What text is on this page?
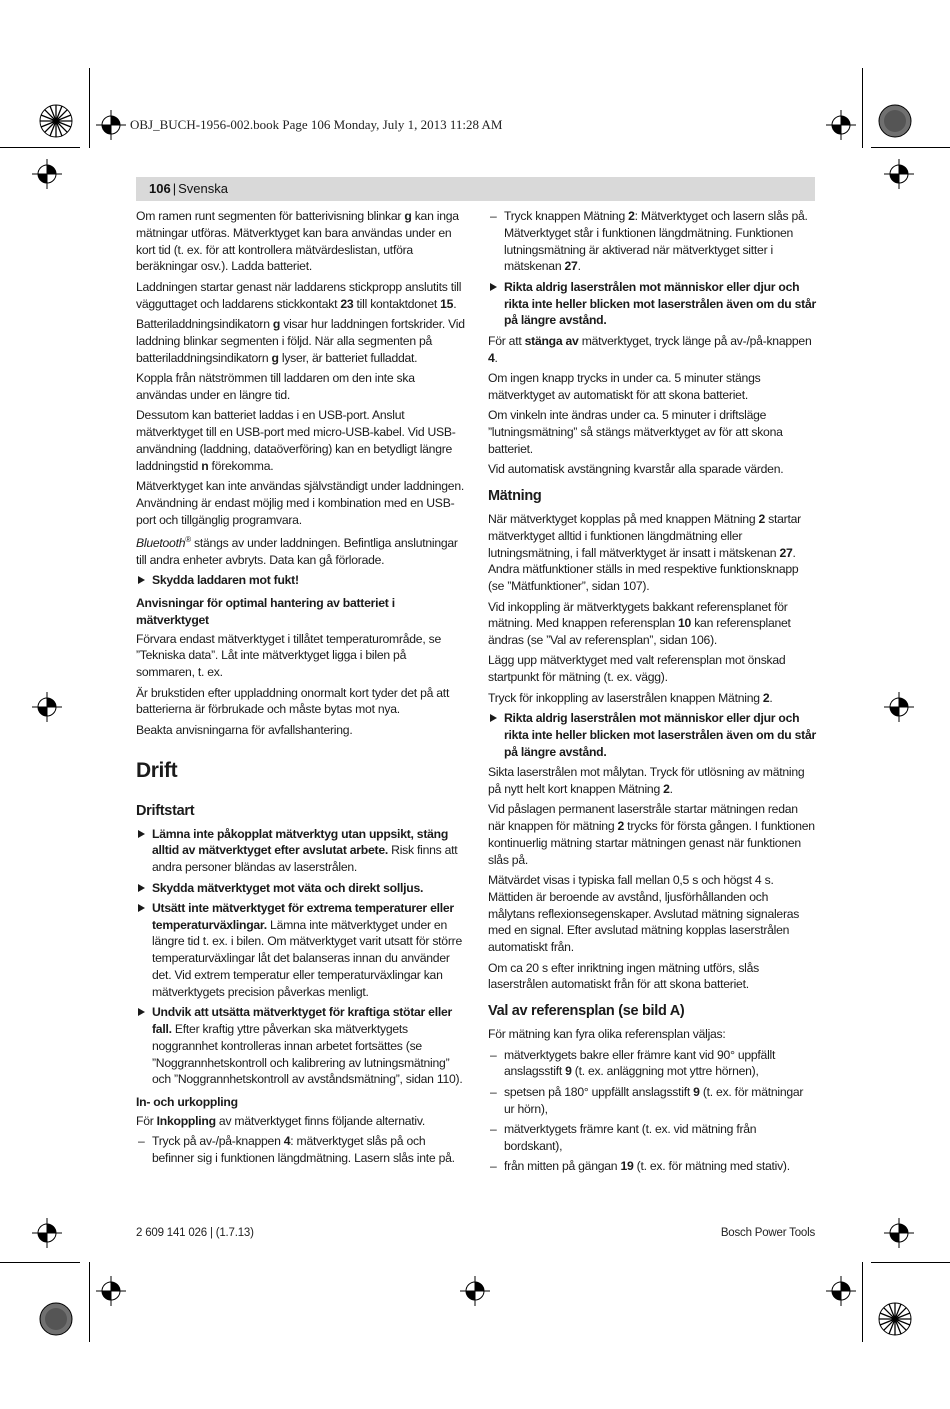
OBJ_BUCH-1956-002.book Page 106 Monday, July 1, 2013 11:28 AM
106 | Svenska

Om ramen runt segmenten för batterivisning blinkar g kan inga mätningar utföras. Mätverktyget kan bara användas under en kort tid (t. ex. för att kontrollera mätvärdeslistan, utföra beräkningar osv.). Ladda batteriet.

Laddningen startar genast när laddarens stickpropp anslutits till vägguttaget och laddarens stickkontakt 23 till kontaktdonet 15.

Batteriladdningsindikatorn g visar hur laddningen fortskrider. Vid laddning blinkar segmenten i följd. När alla segmenten på batteriladdningsindikatorn g lyser, är batteriet fulladdat.

Koppla från nätströmmen till laddaren om den inte ska användas under en längre tid.

Dessutom kan batteriet laddas i en USB-port. Anslut mätverktyget till en USB-port med micro-USB-kabel. Vid USB-användning (laddning, dataöverföring) kan en betydligt längre laddningstid n förekomma.

Mätverktyget kan inte användas självständigt under laddningen. Användning är endast möjlig med i kombination med en USB-port och tillgänglig programvara.

Bluetooth® stängs av under laddningen. Befintliga anslutningar till andra enheter avbryts. Data kan gå förlorade.

Skydda laddaren mot fukt!

Anvisningar för optimal hantering av batteriet i mätverktyget

Förvara endast mätverktyget i tillåtet temperaturområde, se ”Tekniska data”. Låt inte mätverktyget ligga i bilen på sommaren, t. ex.

Är brukstiden efter uppladdning onormalt kort tyder det på att batterierna är förbrukade och måste bytas mot nya.

Beakta anvisningarna för avfallshantering.

Drift
Driftstart

Lämna inte påkopplat mätverktyg utan uppsikt, stäng alltid av mätverktyget efter avslutat arbete. Risk finns att andra personer bländas av laserstrålen.

Skydda mätverktyget mot väta och direkt solljus.

Utsätt inte mätverktyget för extrema temperaturer eller temperaturväxlingar. Lämna inte mätverktyget under en längre tid t. ex. i bilen. Om mätverktyget varit utsatt för större temperaturväxlingar låt det balanseras innan du använder det. Vid extrem temperatur eller temperaturväxlingar kan mätverktygets precision påverkas menligt.

Undvik att utsätta mätverktyget för kraftiga stötar eller fall. Efter kraftig yttre påverkan ska mätverktygets noggrannhet kontrolleras innan arbetet fortsättes (se ”Noggrannhetskontroll och kalibrering av lutningsmätning” och ”Noggrannhetskontroll av avståndsmätning”, sidan 110).

In- och urkoppling

För Inkoppling av mätverktyget finns följande alternativ.

– Tryck på av-/på-knappen 4: mätverktyget slås på och befinner sig i funktionen längdmätning. Lasern slås inte på.

– Tryck knappen Mätning 2: Mätverktyget och lasern slås på. Mätverktyget står i funktionen längdmätning. Funktionen lutningsmätning är aktiverad när mätverktyget sitter i mätskenan 27.

Rikta aldrig laserstrålen mot människor eller djur och rikta inte heller blicken mot laserstrålen även om du står på längre avstånd.

För att stänga av mätverktyget, tryck länge på av-/på-knappen 4.

Om ingen knapp trycks in under ca. 5 minuter stängs mätverktyget av automatiskt för att skona batteriet.

Om vinkeln inte ändras under ca. 5 minuter i driftsläge ”lutningsmätning” så stängs mätverktyget av för att skona batteriet.

Vid automatisk avstängning kvarstår alla sparade värden.

Mätning

När mätverktyget kopplas på med knappen Mätning 2 startar mätverktyget alltid i funktionen längdmätning eller lutningsmätning, i fall mätverktyget är insatt i mätskenan 27. Andra mätfunktioner ställs in med respektive funktionsknapp (se ”Mätfunktioner”, sidan 107).

Vid inkoppling är mätverktygets bakkant referensplanet för mätning. Med knappen referensplan 10 kan referensplanet ändras (se ”Val av referensplan”, sidan 106).

Lägg upp mätverktyget med valt referensplan mot önskad startpunkt för mätning (t. ex. vägg).

Tryck för inkoppling av laserstrålen knappen Mätning 2.

Rikta aldrig laserstrålen mot människor eller djur och rikta inte heller blicken mot laserstrålen även om du står på längre avstånd.

Sikta laserstrålen mot målytan. Tryck för utlösning av mätning på nytt helt kort knappen Mätning 2.

Vid påslagen permanent laserstråle startar mätningen redan när knappen för mätning 2 trycks för första gången. I funktionen kontinuerlig mätning startar mätningen genast när funktionen slås på.

Mätvärdet visas i typiska fall mellan 0,5 s och högst 4 s. Mättiden är beroende av avstånd, ljusförhållanden och målytans reflexionsegenskaper. Avslutad mätning signaleras med en signal. Efter avslutad mätning kopplas laserstrålen automatiskt från.

Om ca 20 s efter inriktning ingen mätning utförs, slås laserstrålen automatiskt från för att skona batteriet.

Val av referensplan (se bild A)

För mätning kan fyra olika referensplan väljas:

– mätverktygets bakre eller främre kant vid 90° uppfällt anslagsstift 9 (t. ex. anläggning mot yttre hörnen),

– spetsen på 180° uppfällt anslagsstift 9 (t. ex. för mätningar ur hörn),

– mätverktygets främre kant (t. ex. vid mätning från bordskant),

– från mitten på gängan 19 (t. ex. för mätning med stativ).

2 609 141 026 | (1.7.13)	Bosch Power Tools
